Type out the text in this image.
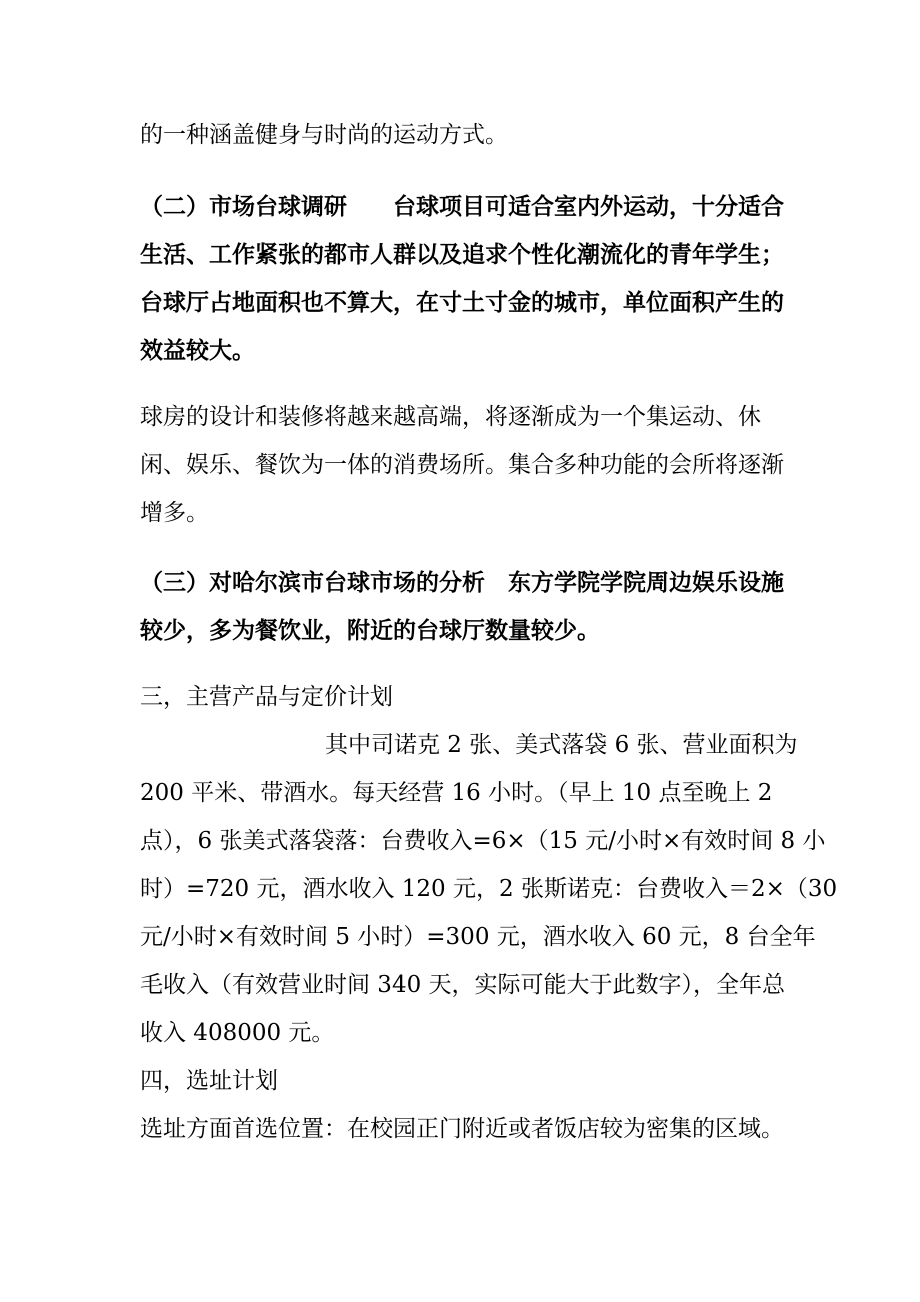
的一种涵盖健身与时尚的运动方式。
（二）市场台球调研　　台球项目可适合室内外运动，十分适合
生活、工作紧张的都市人群以及追求个性化潮流化的青年学生；
台球厅占地面积也不算大，在寸土寸金的城市，单位面积产生的
效益较大。
球房的设计和装修将越来越高端，将逐渐成为一个集运动、休
闲、娱乐、餐饮为一体的消费场所。集合多种功能的会所将逐渐
增多。
（三）对哈尔滨市台球市场的分析　东方学院学院周边娱乐设施
较少，多为餐饮业，附近的台球厅数量较少。
三，主营产品与定价计划
其中司诺克 2 张、美式落袋 6 张、营业面积为
200 平米、带酒水。每天经营 16 小时。（早上 10 点至晚上 2
点），6 张美式落袋落：台费收入=6×（15 元/小时×有效时间 8 小
时）=720 元，酒水收入 120 元，2 张斯诺克：台费收入＝2×（30
元/小时×有效时间 5 小时）=300 元，酒水收入 60 元，8 台全年
毛收入（有效营业时间 340 天，实际可能大于此数字），全年总
收入 408000 元。
四，选址计划
选址方面首选位置：在校园正门附近或者饭店较为密集的区域。
